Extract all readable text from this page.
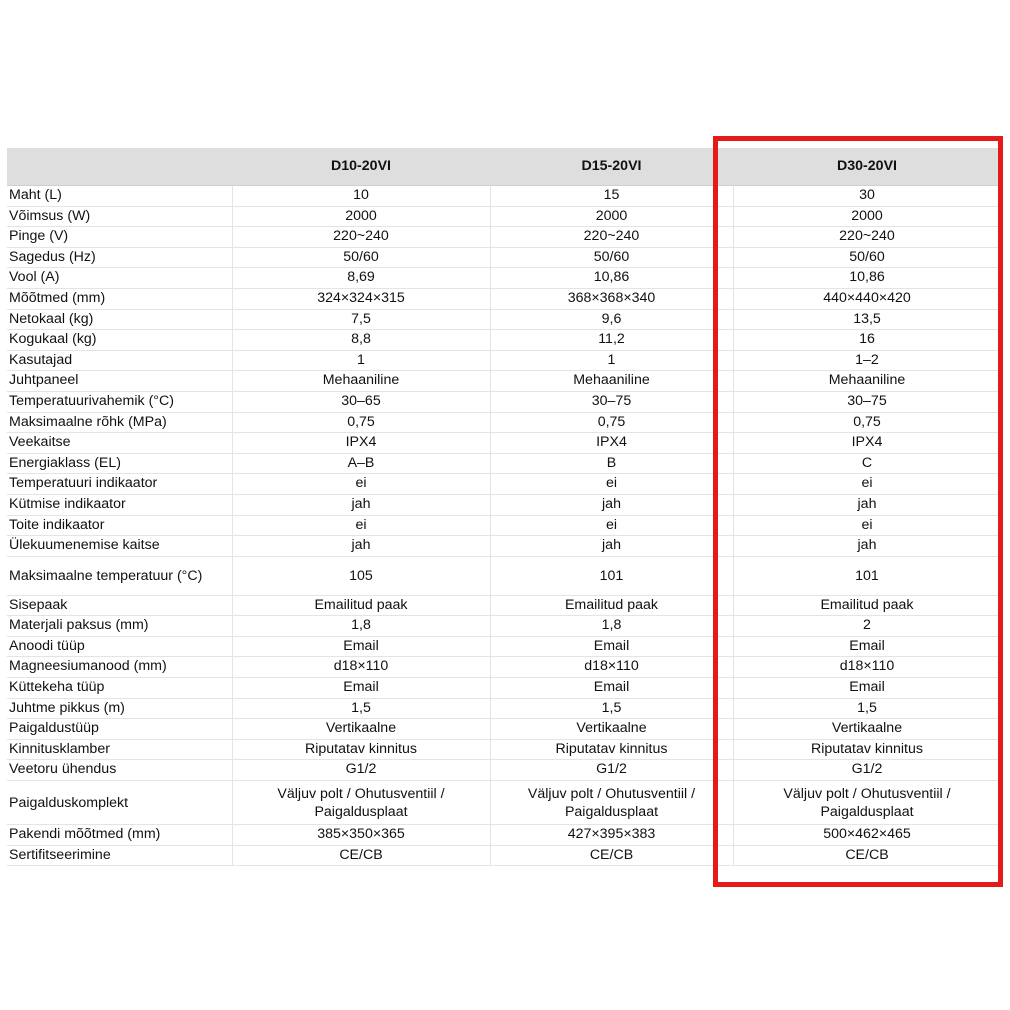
	D10-20VI	D15-20VI	D30-20VI
Maht (L)	10	15	30
Võimsus (W)	2000	2000	2000
Pinge (V)	220~240	220~240	220~240
Sagedus (Hz)	50/60	50/60	50/60
Vool (A)	8,69	10,86	10,86
Mõõtmed (mm)	324×324×315	368×368×340	440×440×420
Netokaal (kg)	7,5	9,6	13,5
Kogukaal (kg)	8,8	11,2	16
Kasutajad	1	1	1–2
Juhtpaneel	Mehaaniline	Mehaaniline	Mehaaniline
Temperatuurivahemik (°C)	30–65	30–75	30–75
Maksimaalne rõhk (MPa)	0,75	0,75	0,75
Veekaitse	IPX4	IPX4	IPX4
Energiaklass (EL)	A–B	B	C
Temperatuuri indikaator	ei	ei	ei
Kütmise indikaator	jah	jah	jah
Toite indikaator	ei	ei	ei
Ülekuumenemise kaitse	jah	jah	jah
Maksimaalne temperatuur (°C)	105	101	101
Sisepaak	Emailitud paak	Emailitud paak	Emailitud paak
Materjali paksus (mm)	1,8	1,8	2
Anoodi tüüp	Email	Email	Email
Magneesiumanood (mm)	d18×110	d18×110	d18×110
Küttekeha tüüp	Email	Email	Email
Juhtme pikkus (m)	1,5	1,5	1,5
Paigaldustüüp	Vertikaalne	Vertikaalne	Vertikaalne
Kinnitusklamber	Riputatav kinnitus	Riputatav kinnitus	Riputatav kinnitus
Veetoru ühendus	G1/2	G1/2	G1/2
Paigalduskomplekt	Väljuv polt / Ohutusventiil / Paigaldusplaat	Väljuv polt / Ohutusventiil / Paigaldusplaat	Väljuv polt / Ohutusventiil / Paigaldusplaat
Pakendi mõõtmed (mm)	385×350×365	427×395×383	500×462×465
Sertifitseerimine	CE/CB	CE/CB	CE/CB
